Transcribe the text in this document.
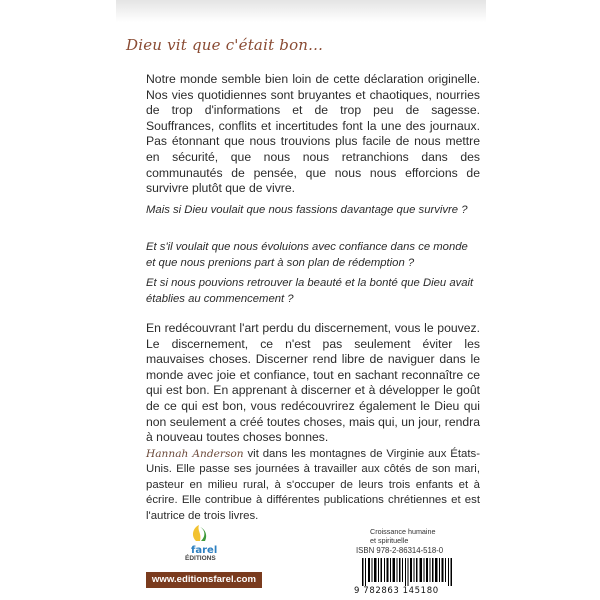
Dieu vit que c'était bon...

Notre monde semble bien loin de cette déclaration originelle. Nos vies quotidiennes sont bruyantes et chaotiques, nourries de trop d'informations et de trop peu de sagesse. Souffrances, conflits et incertitudes font la une des journaux. Pas étonnant que nous trouvions plus facile de nous mettre en sécurité, que nous nous retranchions dans des communautés de pensée, que nous nous efforcions de survivre plutôt que de vivre.

Mais si Dieu voulait que nous fassions davantage que survivre ?

Et s'il voulait que nous évoluions avec confiance dans ce monde et que nous prenions part à son plan de rédemption ?

Et si nous pouvions retrouver la beauté et la bonté que Dieu avait établies au commencement ?

En redécouvrant l'art perdu du discernement, vous le pouvez. Le discernement, ce n'est pas seulement éviter les mauvaises choses. Discerner rend libre de naviguer dans le monde avec joie et confiance, tout en sachant reconnaître ce qui est bon. En apprenant à discerner et à développer le goût de ce qui est bon, vous redécouvrirez également le Dieu qui non seulement a créé toutes choses, mais qui, un jour, rendra à nouveau toutes choses bonnes.

Hannah Anderson vit dans les montagnes de Virginie aux États-Unis. Elle passe ses journées à travailler aux côtés de son mari, pasteur en milieu rural, à s'occuper de leurs trois enfants et à écrire. Elle contribue à différentes publications chrétiennes et est l'autrice de trois livres.

Croissance humaine
et spirituelle
ISBN 978-2-86314-518-0
9 782863 145180
farel
ÉDITIONS
www.editionsfarel.com
